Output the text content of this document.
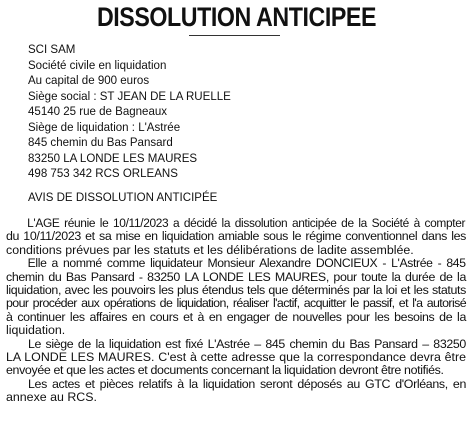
DISSOLUTION ANTICIPEE
SCI SAM
Société civile en liquidation
Au capital de 900 euros
Siège social : ST JEAN DE LA RUELLE
45140 25 rue de Bagneaux
Siège de liquidation : L'Astrée
845 chemin du Bas Pansard
83250 LA LONDE LES MAURES
498 753 342 RCS ORLEANS
AVIS DE DISSOLUTION ANTICIPÉE
L'AGE réunie le 10/11/2023 a décidé la dissolution anticipée de la Société à compter
du 10/11/2023 et sa mise en liquidation amiable sous le régime conventionnel dans les
conditions prévues par les statuts et les délibérations de ladite assemblée.
Elle a nommé comme liquidateur Monsieur Alexandre DONCIEUX - L'Astrée - 845
chemin du Bas Pansard - 83250 LA LONDE LES MAURES, pour toute la durée de la
liquidation, avec les pouvoirs les plus étendus tels que déterminés par la loi et les statuts
pour procéder aux opérations de liquidation, réaliser l'actif, acquitter le passif, et l'a autorisé
à continuer les affaires en cours et à en engager de nouvelles pour les besoins de la
liquidation.
Le siège de la liquidation est fixé L'Astrée – 845 chemin du Bas Pansard – 83250
LA LONDE LES MAURES. C'est à cette adresse que la correspondance devra être
envoyée et que les actes et documents concernant la liquidation devront être notifiés.
Les actes et pièces relatifs à la liquidation seront déposés au GTC d'Orléans, en
annexe au RCS.
